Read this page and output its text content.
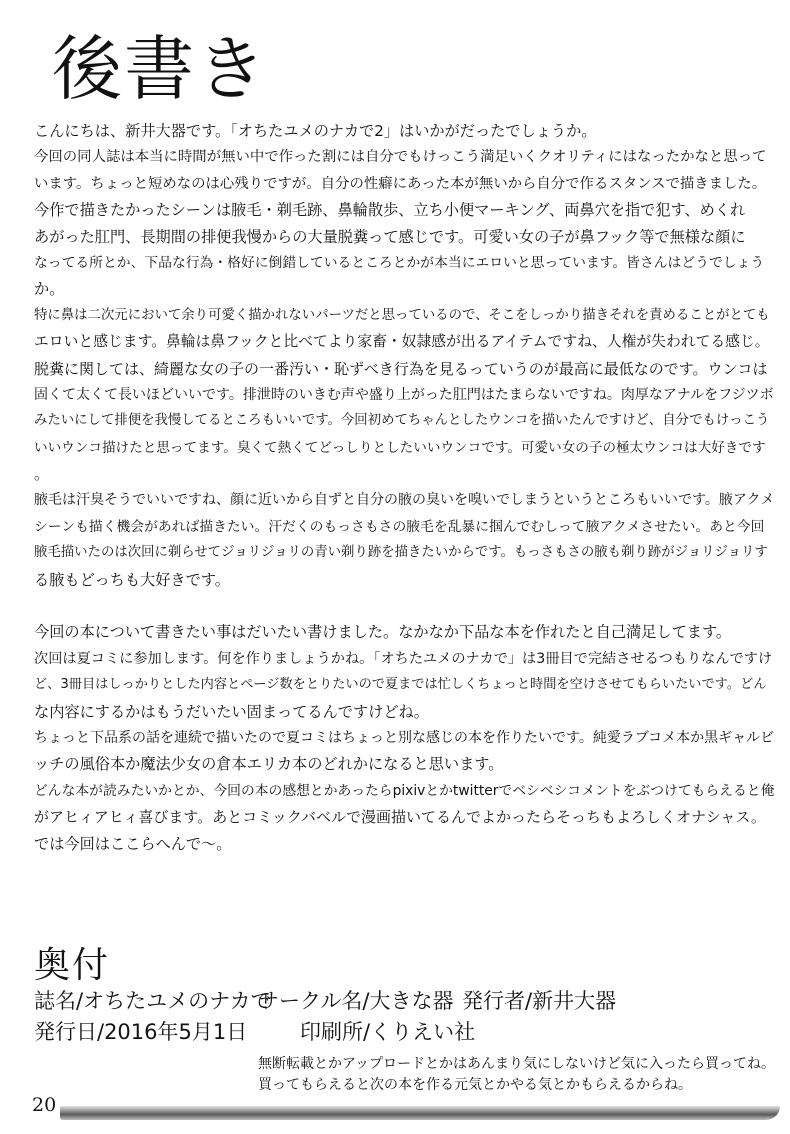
後書き
こんにちは、新井大器です。「オちたユメのナカで2」はいかがだったでしょうか。
今回の同人誌は本当に時間が無い中で作った割には自分でもけっこう満足いくクオリティにはなったかなと思って
います。ちょっと短めなのは心残りですが。自分の性癖にあった本が無いから自分で作るスタンスで描きました。
今作で描きたかったシーンは腋毛・剃毛跡、鼻輪散歩、立ち小便マーキング、両鼻穴を指で犯す、めくれ
あがった肛門、長期間の排便我慢からの大量脱糞って感じです。可愛い女の子が鼻フック等で無様な顔に
なってる所とか、下品な行為・格好に倒錯しているところとかが本当にエロいと思っています。皆さんはどうでしょう
か。
特に鼻は二次元において余り可愛く描かれないパーツだと思っているので、そこをしっかり描きそれを責めることがとても
エロいと感じます。鼻輪は鼻フックと比べてより家畜・奴隷感が出るアイテムですね、人権が失われてる感じ。
脱糞に関しては、綺麗な女の子の一番汚い・恥ずべき行為を見るっていうのが最高に最低なのです。ウンコは
固くて太くて長いほどいいです。排泄時のいきむ声や盛り上がった肛門はたまらないですね。肉厚なアナルをフジツボ
みたいにして排便を我慢してるところもいいです。今回初めてちゃんとしたウンコを描いたんですけど、自分でもけっこう
いいウンコ描けたと思ってます。臭くて熱くてどっしりとしたいいウンコです。可愛い女の子の極太ウンコは大好きです
。
腋毛は汗臭そうでいいですね、顔に近いから自ずと自分の腋の臭いを嗅いでしまうというところもいいです。腋アクメ
シーンも描く機会があれば描きたい。汗だくのもっさもさの腋毛を乱暴に掴んでむしって腋アクメさせたい。あと今回
腋毛描いたのは次回に剃らせてジョリジョリの青い剃り跡を描きたいからです。もっさもさの腋も剃り跡がジョリジョリす
る腋もどっちも大好きです。
今回の本について書きたい事はだいたい書けました。なかなか下品な本を作れたと自己満足してます。
次回は夏コミに参加します。何を作りましょうかね。「オちたユメのナカで」は3冊目で完結させるつもりなんですけ
ど、3冊目はしっかりとした内容とページ数をとりたいので夏までは忙しくちょっと時間を空けさせてもらいたいです。どん
な内容にするかはもうだいたい固まってるんですけどね。
ちょっと下品系の話を連続で描いたので夏コミはちょっと別な感じの本を作りたいです。純愛ラブコメ本か黒ギャルビ
ッチの風俗本か魔法少女の倉本エリカ本のどれかになると思います。
どんな本が読みたいかとか、今回の本の感想とかあったらpixivとかtwitterでベシベシコメントをぶつけてもらえると俺
がアヒィアヒィ喜びます。あとコミックバベルで漫画描いてるんでよかったらそっちもよろしくオナシャス。
では今回はここらへんで〜。
奥付
誌名/オちたユメのナカで
サークル名/大きな器 発行者/新井大器
発行日/2016年5月1日	印刷所/くりえい社
無断転載とかアップロードとかはあんまり気にしないけど気に入ったら買ってね。
買ってもらえると次の本を作る元気とかやる気とかもらえるからね。
20
